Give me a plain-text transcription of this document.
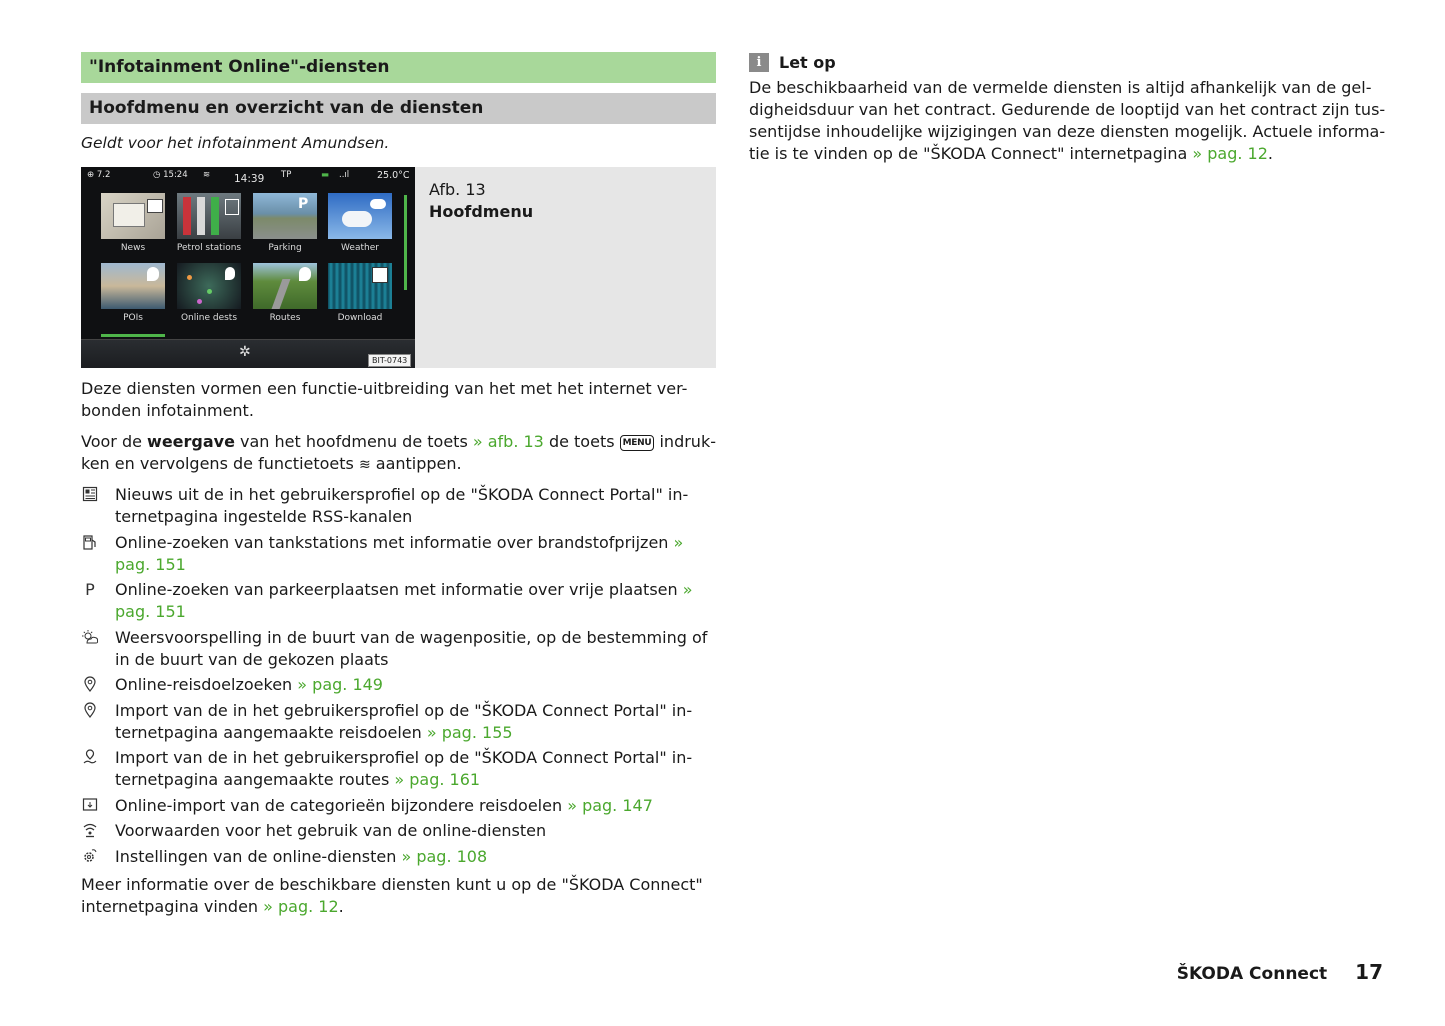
"Infotainment Online"-diensten
Hoofdmenu en overzicht van de diensten

Geldt voor het infotainment Amundsen.

⊕ 7.2	◷ 15:24 ≋ 14:39 TP	▬ ..ıl	25.0°C
P
News	Petrol stations	Parking	Weather
POIs	Online dests	Routes	Download
✲
BIT-0743
Afb. 13
Hoofdmenu

Deze diensten vormen een functie-uitbreiding van het met het internet ver-bonden infotainment.

Voor de weergave van het hoofdmenu de toets » afb. 13 de toets MENU indruk-ken en vervolgens de functietoets ≋ aantippen.

Nieuws uit de in het gebruikersprofiel op de "ŠKODA Connect Portal" in-ternetpagina ingestelde RSS-kanalen
Online-zoeken van tankstations met informatie over brandstofprijzen » pag. 151
P Online-zoeken van parkeerplaatsen met informatie over vrije plaatsen » pag. 151
Weersvoorspelling in de buurt van de wagenpositie, op de bestemming of in de buurt van de gekozen plaats
Online-reisdoelzoeken » pag. 149
Import van de in het gebruikersprofiel op de "ŠKODA Connect Portal" in-ternetpagina aangemaakte reisdoelen » pag. 155
Import van de in het gebruikersprofiel op de "ŠKODA Connect Portal" in-ternetpagina aangemaakte routes » pag. 161
Online-import van de categorieën bijzondere reisdoelen » pag. 147
Voorwaarden voor het gebruik van de online-diensten
Instellingen van de online-diensten » pag. 108

Meer informatie over de beschikbare diensten kunt u op de "ŠKODA Connect" internetpagina vinden » pag. 12.

i	Let op

De beschikbaarheid van de vermelde diensten is altijd afhankelijk van de gel-digheidsduur van het contract. Gedurende de looptijd van het contract zijn tus-sentijdse inhoudelijke wijzigingen van deze diensten mogelijk. Actuele informa-tie is te vinden op de "ŠKODA Connect" internetpagina » pag. 12.

ŠKODA Connect 17
